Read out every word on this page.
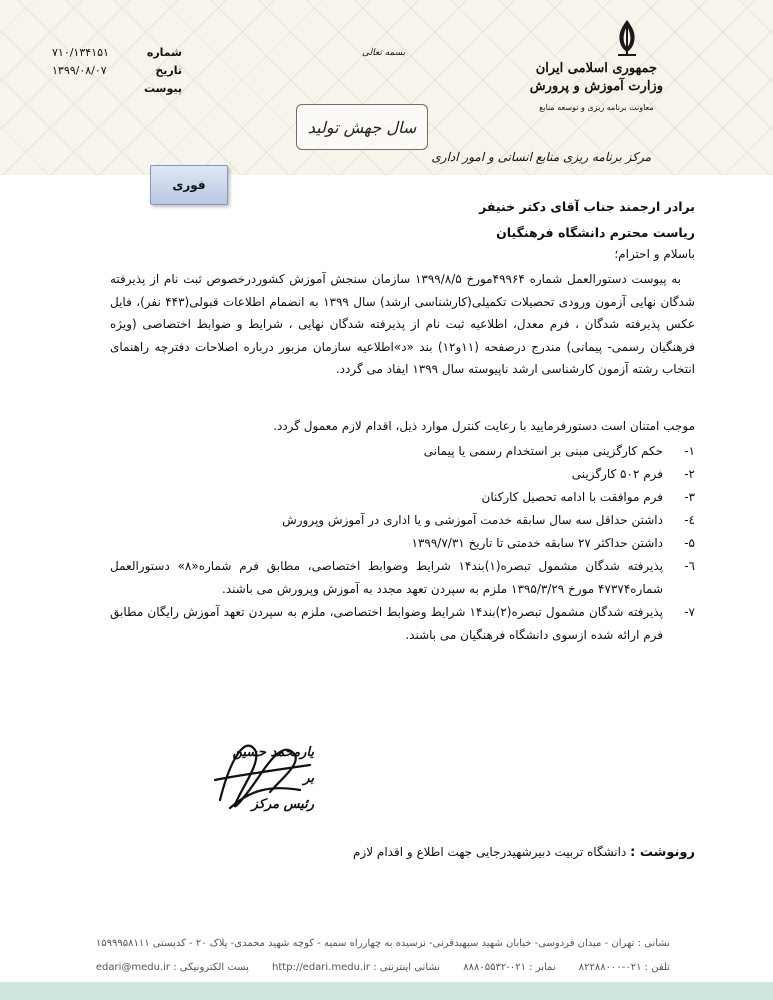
شماره
۷۱۰/۱۳۴۱۵۱
تاریخ
۱۳۹۹/۰۸/۰۷
پیوست
جمهوری اسلامی ایران
وزارت آموزش و پرورش
معاونت برنامه ریزی و توسعه منابع
بسمه تعالی
سال جهش تولید
مرکز برنامه ریزی منابع انسانی و امور اداری
فوری
برادر ارجمند جناب آقای دکتر خنیفر
ریاست محترم دانشگاه فرهنگیان
باسلام و احترام؛
به پیوست دستورالعمل شماره ۴۹۹۶۴مورخ ۱۳۹۹/۸/۵ سازمان سنجش آموزش کشوردرخصوص ثبت نام از پذیرفته شدگان نهایی آزمون ورودی تحصیلات تکمیلی(کارشناسی ارشد) سال ۱۳۹۹ به انضمام اطلاعات قبولی(۴۴۳ نفر)، فایل عکس پذیرفته شدگان ، فرم معدل، اطلاعیه ثبت نام از پذیرفته شدگان نهایی ، شرایط و ضوابط اختصاصی (ویژه فرهنگیان رسمی- پیمانی) مندرج درصفحه (۱۱و۱۲) بند «د»اطلاعیه سازمان مزبور درباره اصلاحات دفترچه راهنمای انتخاب رشته آزمون کارشناسی ارشد ناپیوسته سال ۱۳۹۹ ایفاد می گردد.
موجب امتنان است دستورفرمایید با رعایت کنترل موارد ذیل، اقدام لازم معمول گردد.
۱-
حکم کارگزینی مبنی بر استخدام رسمی یا پیمانی
۲-
فرم ۵۰۲ کارگزینی
۳-
فرم موافقت با ادامه تحصیل کارکنان
٤-
داشتن حداقل سه سال سابقه خدمت آموزشی و یا اداری در آموزش وپرورش
۵-
داشتن حداکثر ۲۷ سابقه خدمتی تا تاریخ ۱۳۹۹/۷/۳۱
٦-
پذیرفته شدگان مشمول تبصره(۱)بند۱۴ شرایط وضوابط اختصاصی، مطابق فرم شماره«۸» دستورالعمل شماره۴۷۳۷۴ مورخ ۱۳۹۵/۳/۲۹ ملزم به سپردن تعهد مجدد به آموزش وپرورش می باشند.
۷-
پذیرفته شدگان مشمول تبصره(۲)بند۱۴ شرایط وضوابط اختصاصی، ملزم به سپردن تعهد آموزش رایگان مطابق فرم ارائه شده ازسوی دانشگاه فرهنگیان می باشند.
یارمحمد حسین بر
رئیس مرکز
رونوشت : دانشگاه تربیت دبیرشهیدرجایی جهت اطلاع و اقدام لازم
نشانی : تهران - میدان فردوسی- خیابان شهید سپهبدقرنی- نرسیده به چهارراه سمیه - کوچه شهید محمدی- پلاک ۲۰ - کدپستی ۱۵۹۹۹۵۸۱۱۱
تلفن : ۰۲۱-۸۲۲۸۸۰۰۰ نمابر : ۰۲۱-۸۸۸۰۵۵۳۲ نشانی اینترنتی : http://edari.medu.ir پست الکترونیکی : edari@medu.ir
